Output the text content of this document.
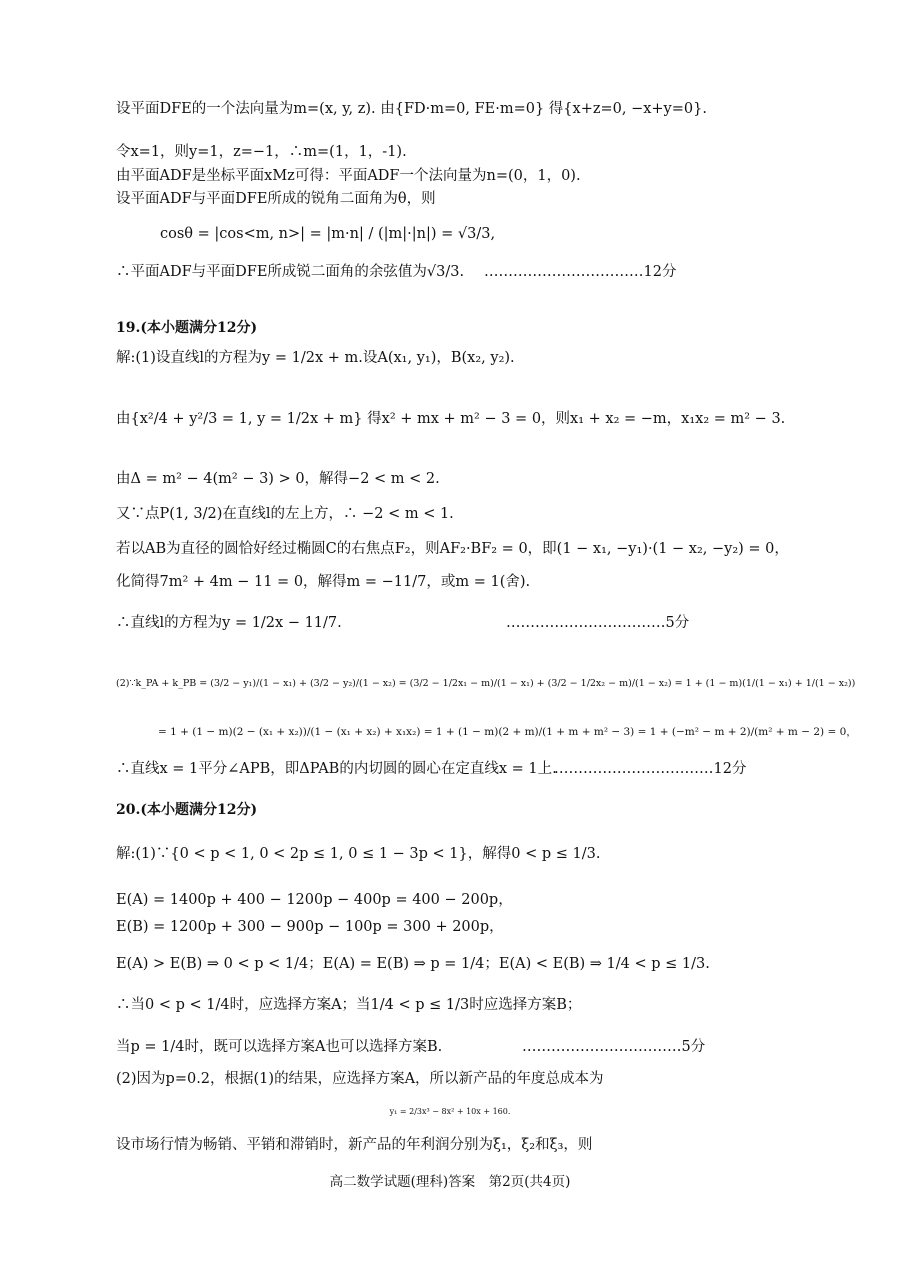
设平面DFE的一个法向量为m=(x, y, z). 由{FD·m=0, FE·m=0} 得{x+z=0, −x+y=0}.
令x=1，则y=1，z=−1，∴m=(1，1，-1).
由平面ADF是坐标平面xMz可得：平面ADF一个法向量为n=(0，1，0).
设平面ADF与平面DFE所成的锐角二面角为θ，则
cosθ = |cos<m, n>| = |m·n| / (|m|·|n|) = √3/3,
∴平面ADF与平面DFE所成锐二面角的余弦值为√3/3. ……………………………12分
19.(本小题满分12分)
解:(1)设直线l的方程为y = 1/2x + m.设A(x₁, y₁)，B(x₂, y₂).
由{x²/4 + y²/3 = 1, y = 1/2x + m} 得x² + mx + m² − 3 = 0，则x₁ + x₂ = −m，x₁x₂ = m² − 3.
由Δ = m² − 4(m² − 3) > 0，解得−2 < m < 2.
又∵点P(1, 3/2)在直线l的左上方，∴ −2 < m < 1.
若以AB为直径的圆恰好经过椭圆C的右焦点F₂，则AF₂·BF₂ = 0，即(1 − x₁, −y₁)·(1 − x₂, −y₂) = 0，
化简得7m² + 4m − 11 = 0，解得m = −11/7，或m = 1(舍).
∴直线l的方程为y = 1/2x − 11/7.	……………………………5分
(2)∵k_PA + k_PB = (3/2 − y₁)/(1 − x₁) + (3/2 − y₂)/(1 − x₂) = (3/2 − 1/2x₁ − m)/(1 − x₁) + (3/2 − 1/2x₂ − m)/(1 − x₂) = 1 + (1 − m)(1/(1 − x₁) + 1/(1 − x₂))
= 1 + (1 − m)(2 − (x₁ + x₂))/(1 − (x₁ + x₂) + x₁x₂) = 1 + (1 − m)(2 + m)/(1 + m + m² − 3) = 1 + (−m² − m + 2)/(m² + m − 2) = 0，
∴直线x = 1平分∠APB，即ΔPAB的内切圆的圆心在定直线x = 1上.
……………………………12分
20.(本小题满分12分)
解:(1)∵{0 < p < 1, 0 < 2p ≤ 1, 0 ≤ 1 − 3p < 1}，解得0 < p ≤ 1/3.
E(A) = 1400p + 400 − 1200p − 400p = 400 − 200p，
E(B) = 1200p + 300 − 900p − 100p = 300 + 200p，
E(A) > E(B) ⇒ 0 < p < 1/4；E(A) = E(B) ⇒ p = 1/4；E(A) < E(B) ⇒ 1/4 < p ≤ 1/3.
∴当0 < p < 1/4时，应选择方案A；当1/4 < p ≤ 1/3时应选择方案B；
当p = 1/4时，既可以选择方案A也可以选择方案B.	……………………………5分
(2)因为p=0.2，根据(1)的结果，应选择方案A，所以新产品的年度总成本为
y₁ = 2/3x³ − 8x² + 10x + 160.
设市场行情为畅销、平销和滞销时，新产品的年利润分别为ξ₁，ξ₂和ξ₃，则
高二数学试题(理科)答案　第2页(共4页)
